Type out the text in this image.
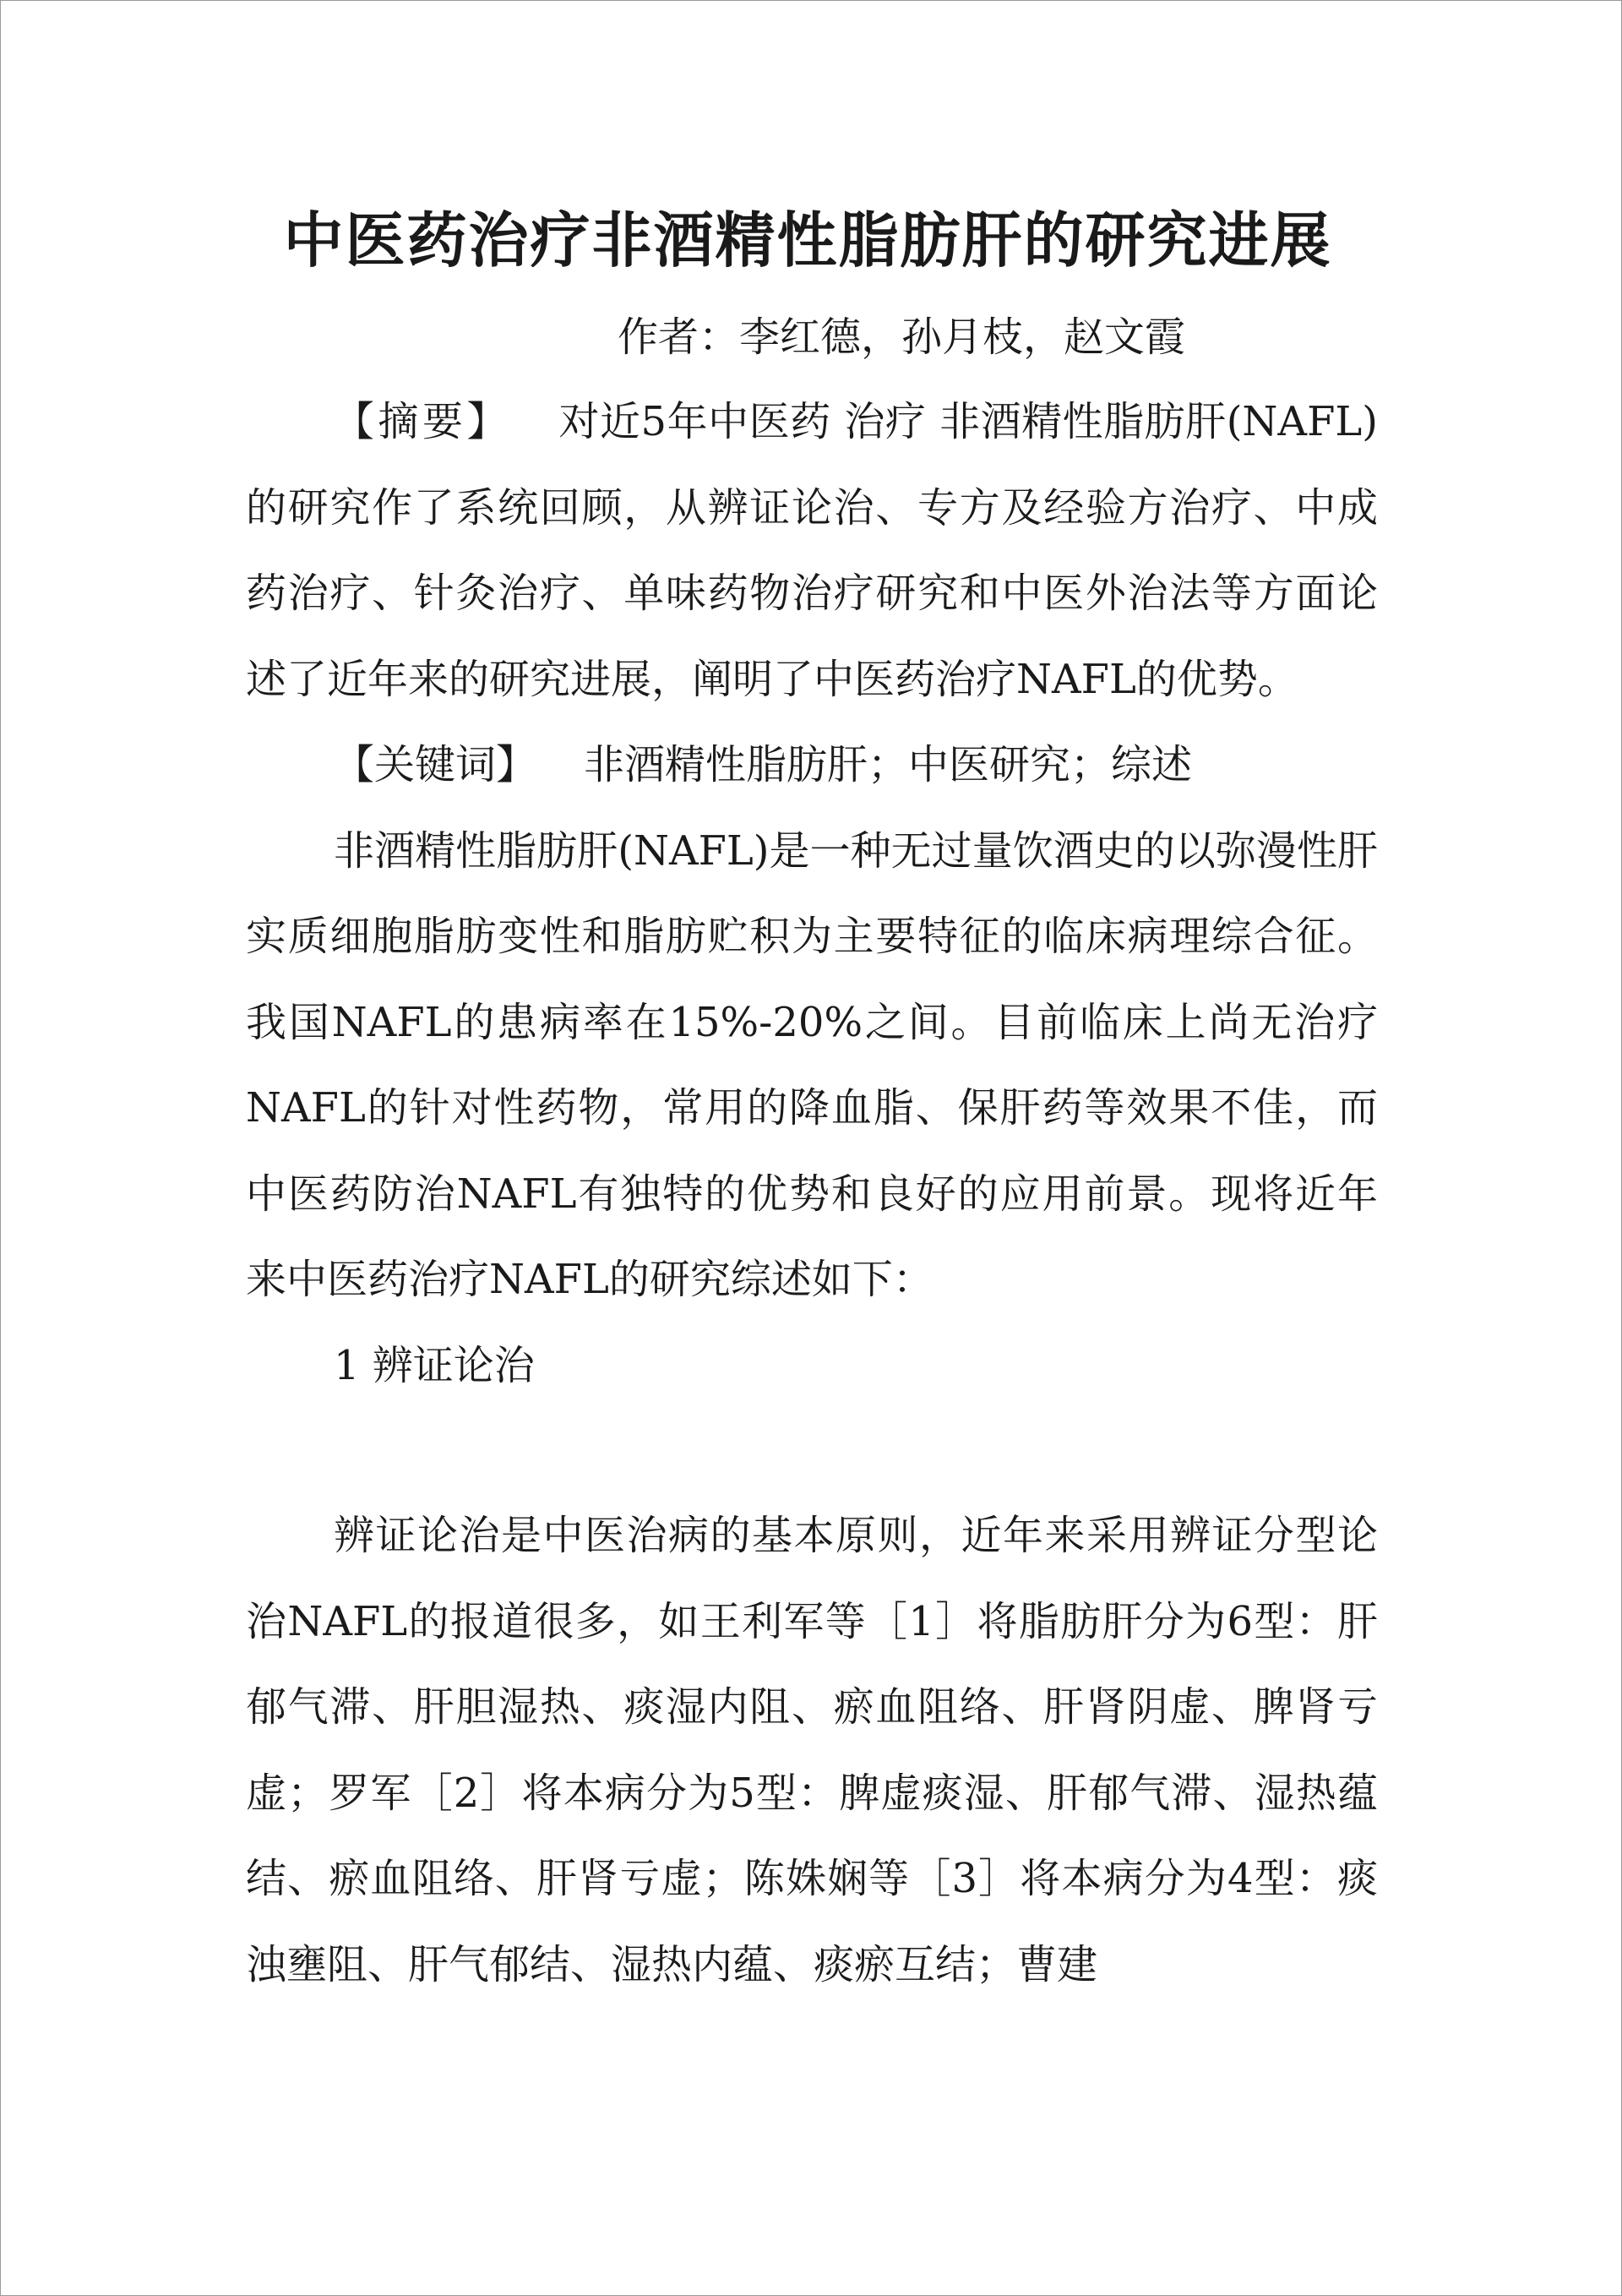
中医药治疗非酒精性脂肪肝的研究进展

作者：李红德，孙月枝，赵文霞

【摘要】 对近5年中医药 治疗 非酒精性脂肪肝(NAFL)的研究作了系统回顾，从辨证论治、专方及经验方治疗、中成药治疗、针灸治疗、单味药物治疗研究和中医外治法等方面论述了近年来的研究进展，阐明了中医药治疗NAFL的优势。

【关键词】 非酒精性脂肪肝；中医研究；综述

非酒精性脂肪肝(NAFL)是一种无过量饮酒史的以弥漫性肝实质细胞脂肪变性和脂肪贮积为主要特征的临床病理综合征。我国NAFL的患病率在15%-20%之间。目前临床上尚无治疗NAFL的针对性药物，常用的降血脂、保肝药等效果不佳，而中医药防治NAFL有独特的优势和良好的应用前景。现将近年来中医药治疗NAFL的研究综述如下：

1 辨证论治

辨证论治是中医治病的基本原则，近年来采用辨证分型论治NAFL的报道很多，如王利军等［1］将脂肪肝分为6型：肝郁气滞、肝胆湿热、痰湿内阻、瘀血阻络、肝肾阴虚、脾肾亏虚；罗军［2］将本病分为5型：脾虚痰湿、肝郁气滞、湿热蕴结、瘀血阻络、肝肾亏虚；陈姝娴等［3］将本病分为4型：痰浊壅阻、肝气郁结、湿热内蕴、痰瘀互结；曹建
